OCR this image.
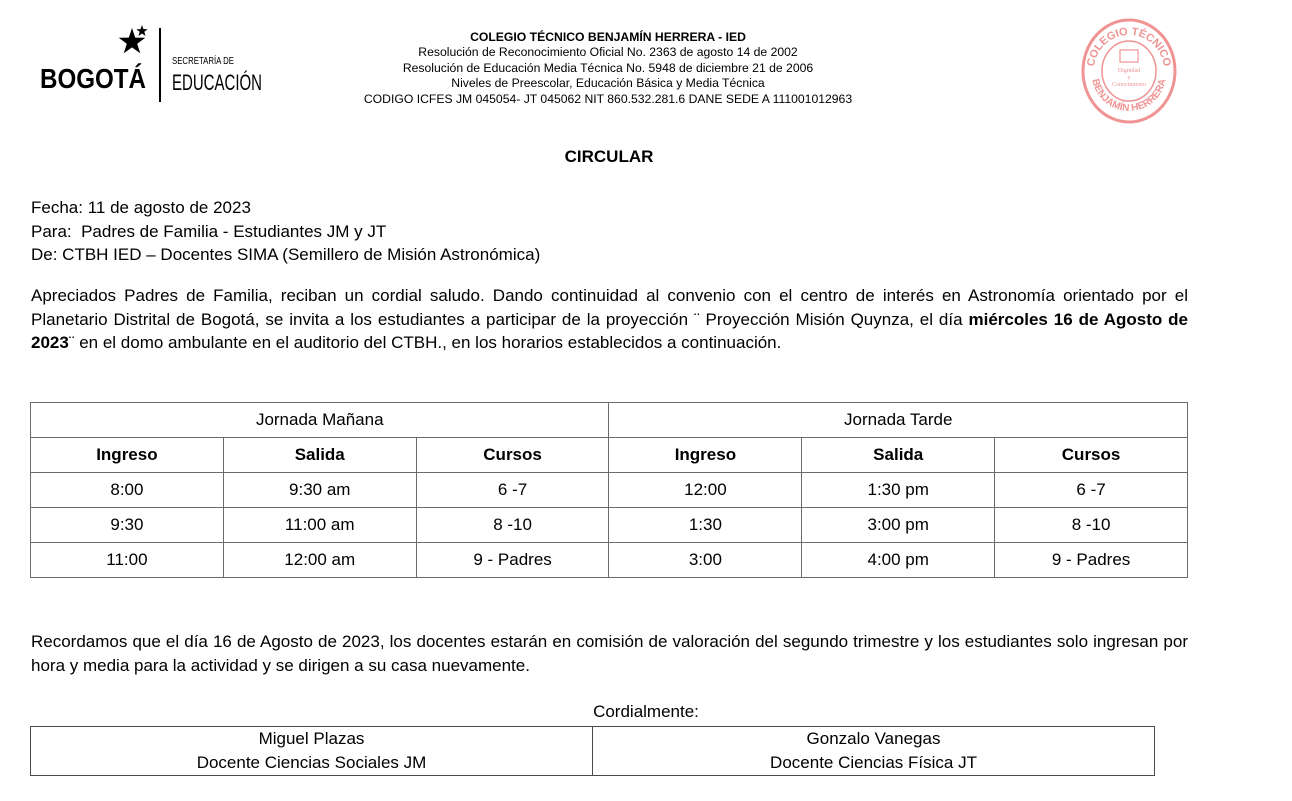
BOGOTÁ
SECRETARÍA DE
EDUCACIÓN
COLEGIO TÉCNICO BENJAMÍN HERRERA - IED
Resolución de Reconocimiento Oficial No. 2363 de agosto 14 de 2002
Resolución de Educación Media Técnica No. 5948 de diciembre 21 de 2006
Niveles de Preescolar, Educación Básica y Media Técnica
CODIGO ICFES JM 045054- JT 045062 NIT 860.532.281.6 DANE SEDE A 111001012963
COLEGIO TÉCNICO
BENJAMÍN HERRERA
Dignidad
y
Conocimiento
CIRCULAR
Fecha: 11 de agosto de 2023
Para:  Padres de Familia - Estudiantes JM y JT
De: CTBH IED – Docentes SIMA (Semillero de Misión Astronómica)
Apreciados Padres de Familia, reciban un cordial saludo. Dando continuidad al convenio con el centro de interés en Astronomía orientado por el Planetario Distrital de Bogotá, se invita a los estudiantes a participar de la proyección ¨ Proyección Misión Quynza, el día miércoles 16 de Agosto de 2023¨ en el domo ambulante en el auditorio del CTBH., en los horarios establecidos a continuación.
Jornada Mañana			Jornada Tarde		
Ingreso	Salida	Cursos	Ingreso	Salida	Cursos
8:00	9:30 am	6 -7	12:00	1:30 pm	6 -7
9:30	11:00 am	8 -10	1:30	3:00 pm	8 -10
11:00	12:00 am	9 - Padres	3:00	4:00 pm	9 - Padres
Recordamos que el día 16 de Agosto de 2023, los docentes estarán en comisión de valoración del segundo trimestre y los estudiantes solo ingresan por hora y media para la actividad y se dirigen a su casa nuevamente.
Cordialmente:
Miguel Plazas
Docente Ciencias Sociales JM

Gonzalo Vanegas
Docente Ciencias Física JT
